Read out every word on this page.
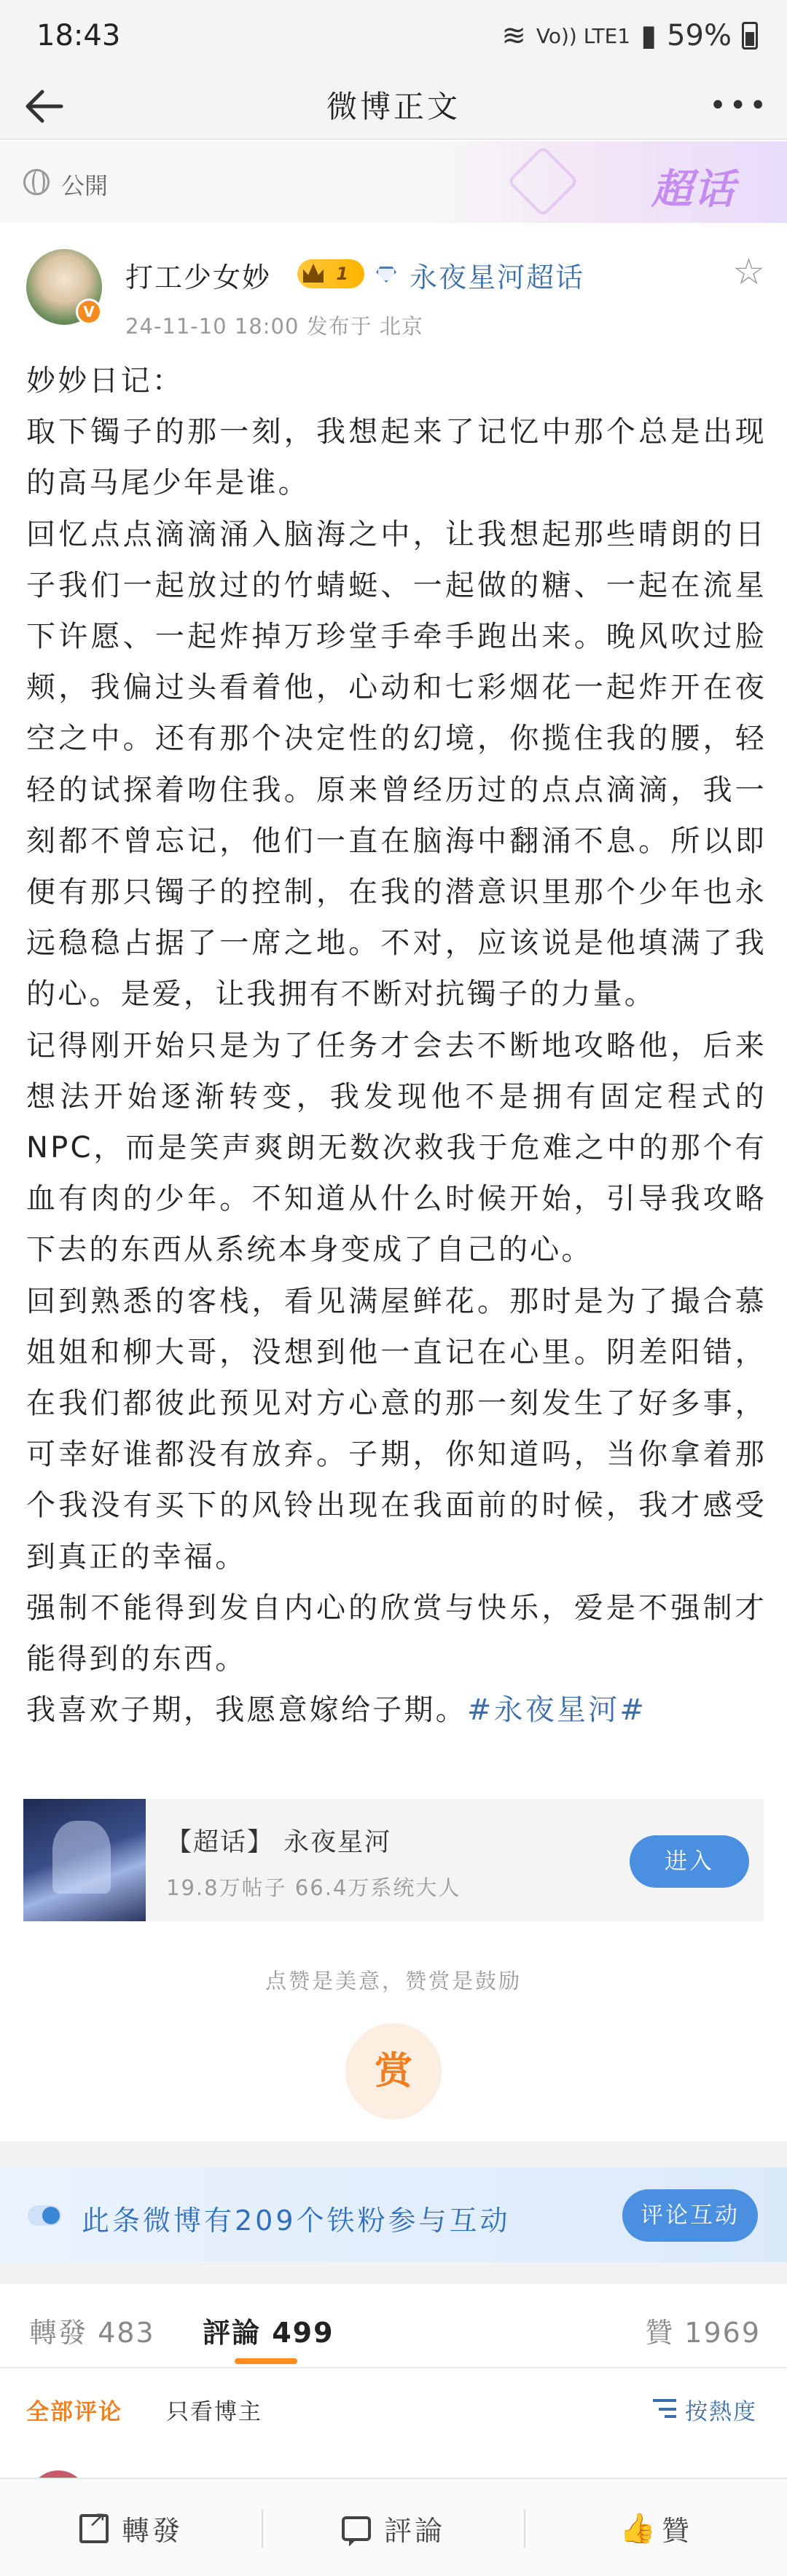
18:43	≋ Vo)) LTE1 ▮ 59%
微博正文	•••
公開	超话
V
打工少女妙	1	永夜星河超话	☆
24-11-10 18:00 发布于 北京

妙妙日记：

取下镯子的那一刻，我想起来了记忆中那个总是出现的高马尾少年是谁。

回忆点点滴滴涌入脑海之中，让我想起那些晴朗的日子我们一起放过的竹蜻蜓、一起做的糖、一起在流星下许愿、一起炸掉万珍堂手牵手跑出来。晚风吹过脸颊，我偏过头看着他，心动和七彩烟花一起炸开在夜空之中。还有那个决定性的幻境，你揽住我的腰，轻轻的试探着吻住我。原来曾经历过的点点滴滴，我一刻都不曾忘记，他们一直在脑海中翻涌不息。所以即便有那只镯子的控制，在我的潜意识里那个少年也永远稳稳占据了一席之地。不对，应该说是他填满了我的心。是爱，让我拥有不断对抗镯子的力量。

记得刚开始只是为了任务才会去不断地攻略他，后来想法开始逐渐转变，我发现他不是拥有固定程式的NPC，而是笑声爽朗无数次救我于危难之中的那个有血有肉的少年。不知道从什么时候开始，引导我攻略下去的东西从系统本身变成了自己的心。

回到熟悉的客栈，看见满屋鲜花。那时是为了撮合慕姐姐和柳大哥，没想到他一直记在心里。阴差阳错，在我们都彼此预见对方心意的那一刻发生了好多事，可幸好谁都没有放弃。子期，你知道吗，当你拿着那个我没有买下的风铃出现在我面前的时候，我才感受到真正的幸福。

强制不能得到发自内心的欣赏与快乐，爱是不强制才能得到的东西。

我喜欢子期，我愿意嫁给子期。#永夜星河#

【超话】 永夜星河
19.8万帖子 66.4万系统大人
进入
点赞是美意，赞赏是鼓励
赏
此条微博有209个铁粉参与互动	评论互动
轉發 483 評論 499	贊 1969
全部评论 只看博主	按熱度
↗
轉發	評論	👍 贊
